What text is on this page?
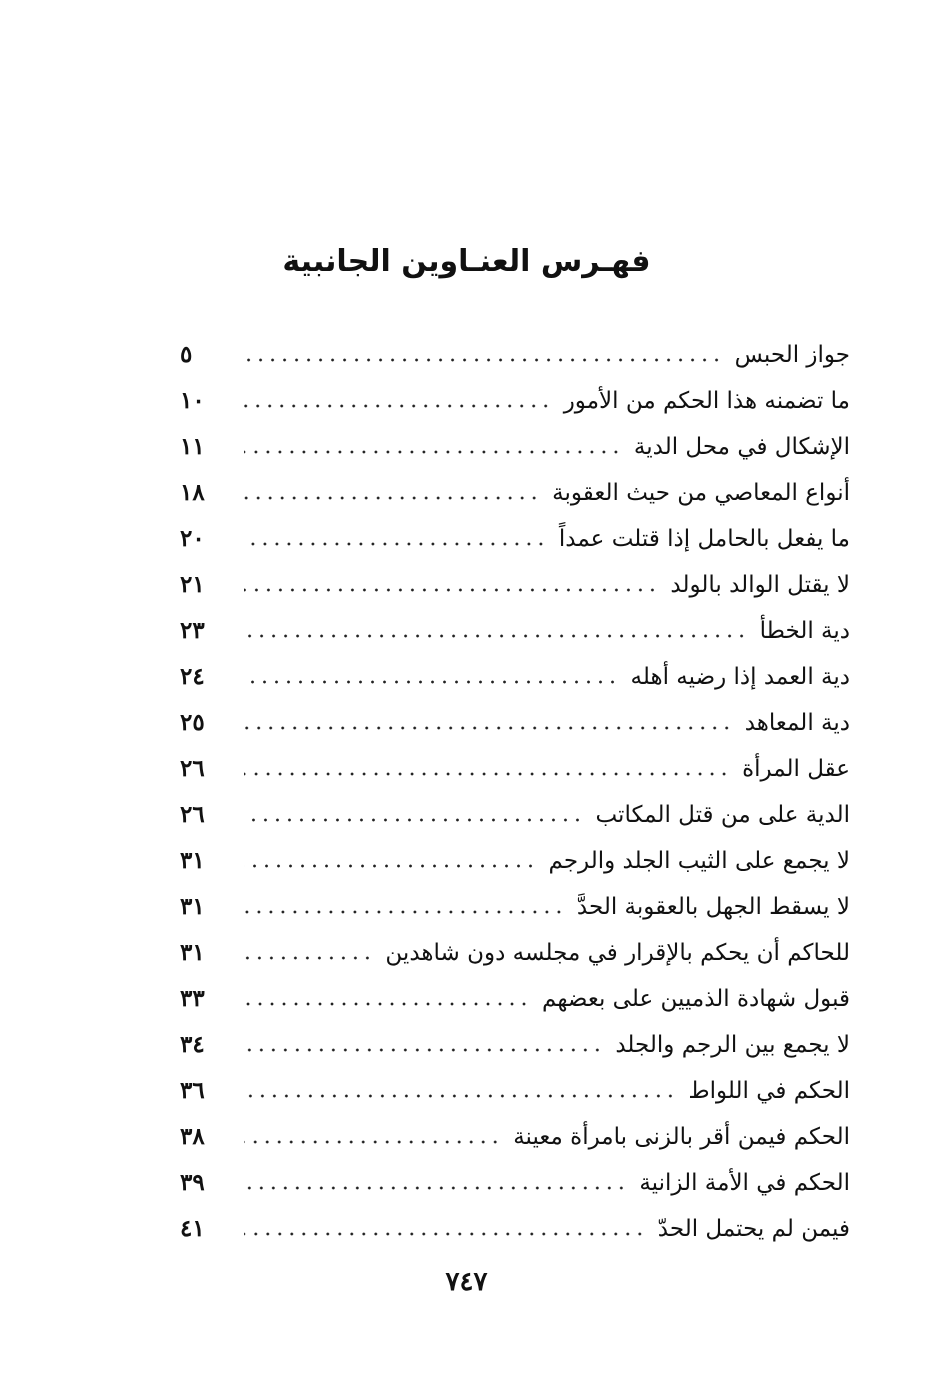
فهـرس العنـاوين الجانبية
جواز الحبس
٥
ما تضمنه هذا الحكم من الأمور
١٠
الإشكال في محل الدية
١١
أنواع المعاصي من حيث العقوبة
١٨
ما يفعل بالحامل إذا قتلت عمداً
٢٠
لا يقتل الوالد بالولد
٢١
دية الخطأ
٢٣
دية العمد إذا رضيه أهله
٢٤
دية المعاهد
٢٥
عقل المرأة
٢٦
الدية على من قتل المكاتب
٢٦
لا يجمع على الثيب الجلد والرجم
٣١
لا يسقط الجهل بالعقوبة الحدَّ
٣١
للحاكم أن يحكم بالإقرار في مجلسه دون شاهدين
٣١
قبول شهادة الذميين على بعضهم
٣٣
لا يجمع بين الرجم والجلد
٣٤
الحكم في اللواط
٣٦
الحكم فيمن أقر بالزنى بامرأة معينة
٣٨
الحكم في الأمة الزانية
٣٩
فيمن لم يحتمل الحدّ
٤١
٧٤٧
